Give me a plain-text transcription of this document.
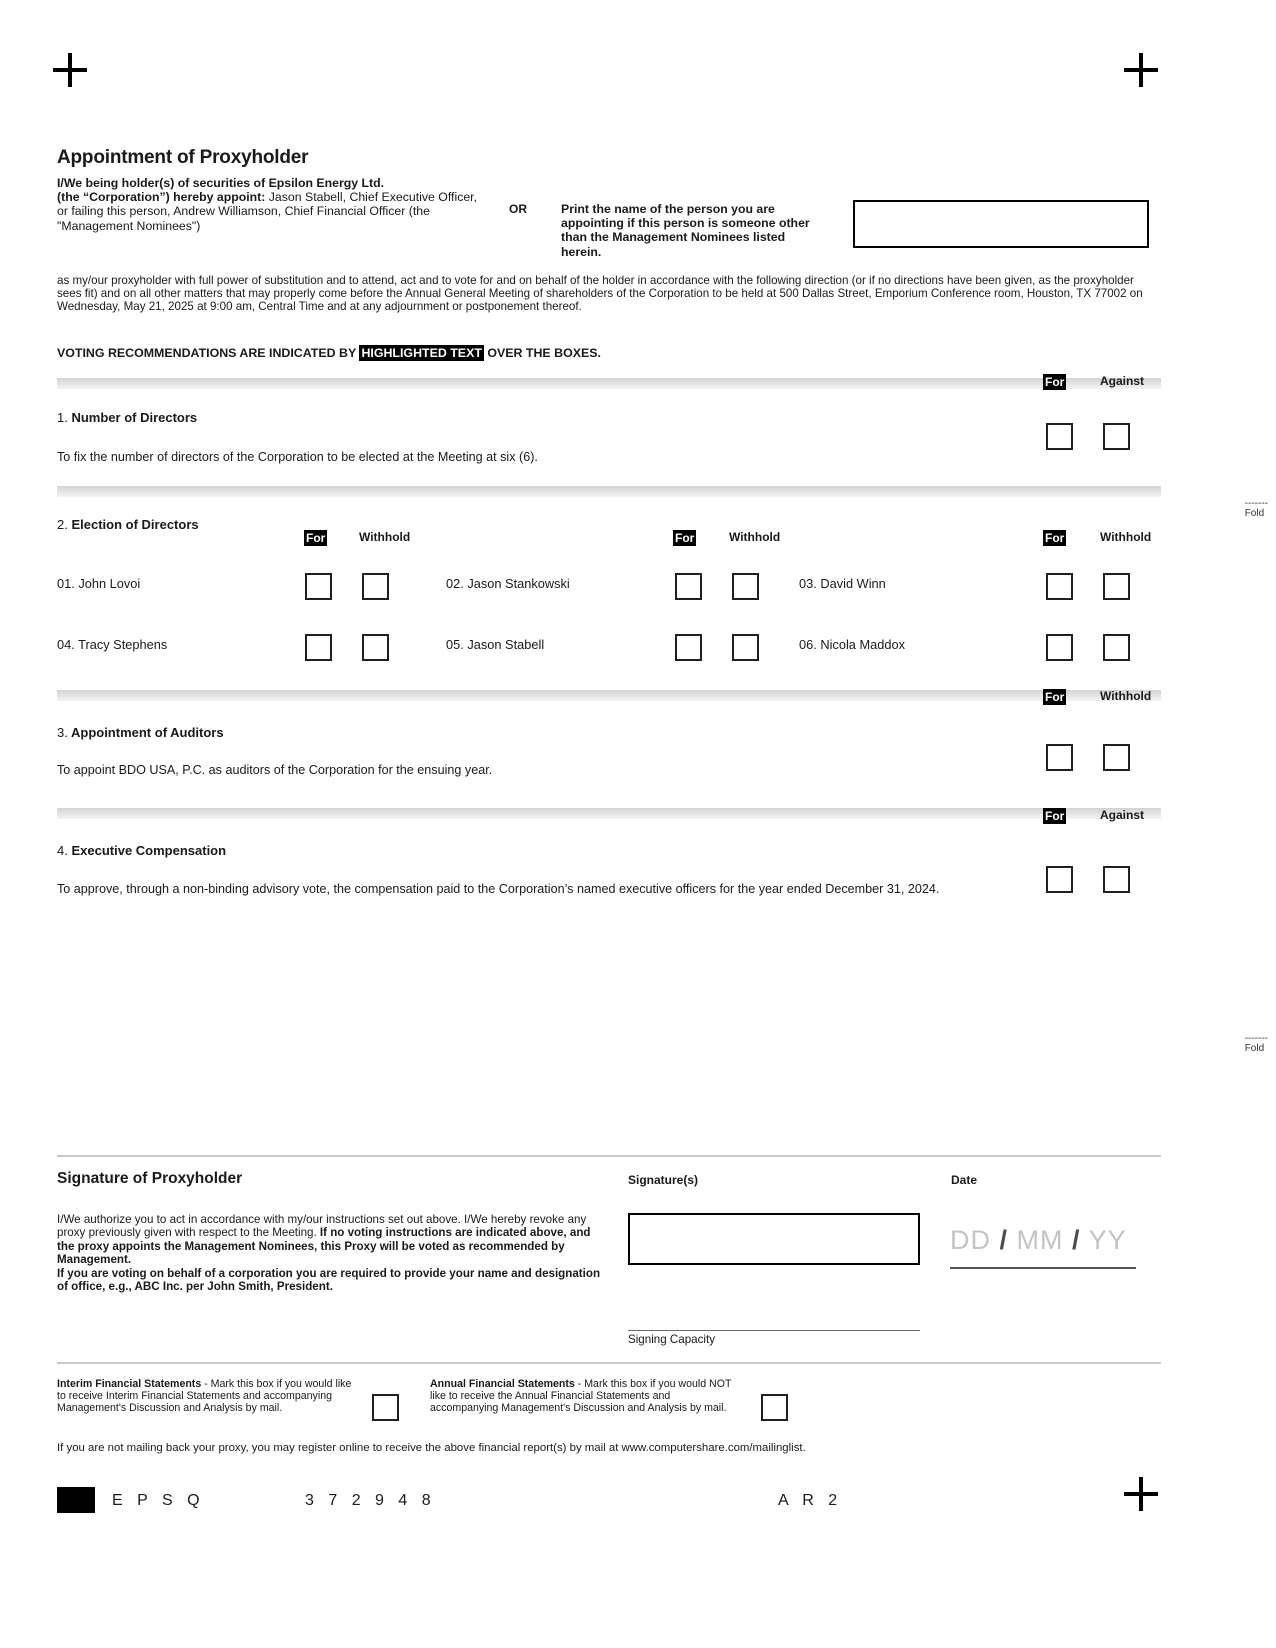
-------
Fold
-------
Fold
Appointment of Proxyholder
I/We being holder(s) of securities of Epsilon Energy Ltd.
(the “Corporation”) hereby appoint: Jason Stabell, Chief Executive Officer,
or failing this person, Andrew Williamson, Chief Financial Officer (the
"Management Nominees")
OR	Print the name of the person you are appointing if this person is someone other than the Management Nominees listed herein.
as my/our proxyholder with full power of substitution and to attend, act and to vote for and on behalf of the holder in accordance with the following direction (or if no directions have been given, as the proxyholder sees fit) and on all other matters that may properly come before the Annual General Meeting of shareholders of the Corporation to be held at 500 Dallas Street, Emporium Conference room, Houston, TX 77002 on Wednesday, May 21, 2025 at 9:00 am, Central Time and at any adjournment or postponement thereof.
VOTING RECOMMENDATIONS ARE INDICATED BY HIGHLIGHTED TEXT OVER THE BOXES.
For	Against
1. Number of Directors
To fix the number of directors of the Corporation to be elected at the Meeting at six (6).
2. Election of Directors
For	Withhold	For	Withhold	For	Withhold
01. John Lovoi	02. Jason Stankowski	03. David Winn
04. Tracy Stephens	05. Jason Stabell	06. Nicola Maddox
For	Withhold
3. Appointment of Auditors
To appoint BDO USA, P.C. as auditors of the Corporation for the ensuing year.
For	Against
4. Executive Compensation
To approve, through a non-binding advisory vote, the compensation paid to the Corporation’s named executive officers for the year ended December 31, 2024.
Signature of Proxyholder
I/We authorize you to act in accordance with my/our instructions set out above. I/We hereby revoke any proxy previously given with respect to the Meeting. If no voting instructions are indicated above, and the proxy appoints the Management Nominees, this Proxy will be voted as recommended by Management.
If you are voting on behalf of a corporation you are required to provide your name and designation of office, e.g., ABC Inc. per John Smith, President.
Signature(s)	Date
DD / MM / YY
Signing Capacity
Interim Financial Statements - Mark this box if you would like to receive Interim Financial Statements and accompanying Management's Discussion and Analysis by mail.
Annual Financial Statements - Mark this box if you would NOT like to receive the Annual Financial Statements and accompanying Management's Discussion and Analysis by mail.
If you are not mailing back your proxy, you may register online to receive the above financial report(s) by mail at www.computershare.com/mailinglist.
E P S Q	3 7 2 9 4 8	A R 2
